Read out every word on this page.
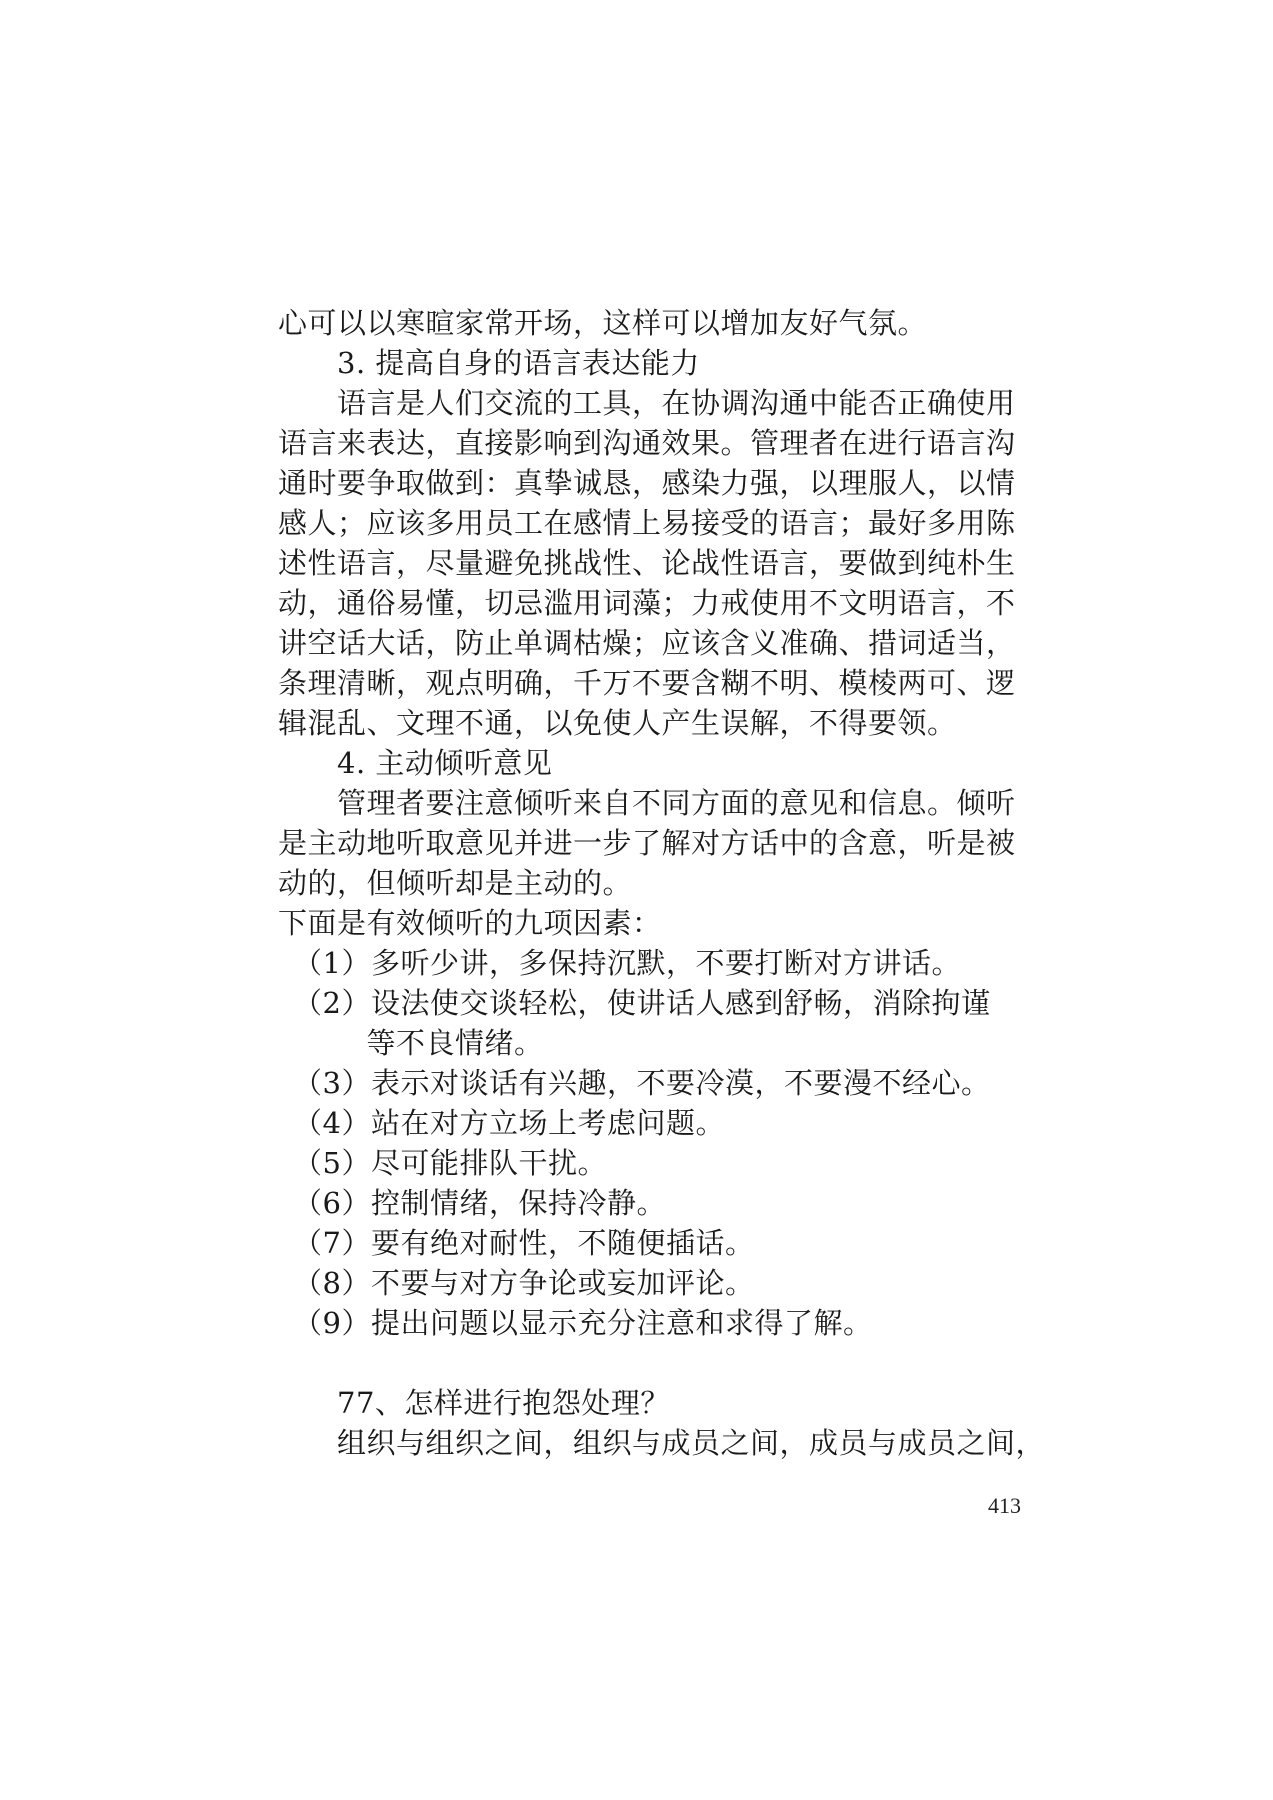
心可以以寒暄家常开场，这样可以增加友好气氛。
　　3. 提高自身的语言表达能力
　　语言是人们交流的工具，在协调沟通中能否正确使用
语言来表达，直接影响到沟通效果。管理者在进行语言沟
通时要争取做到：真挚诚恳，感染力强，以理服人，以情
感人；应该多用员工在感情上易接受的语言；最好多用陈
述性语言，尽量避免挑战性、论战性语言，要做到纯朴生
动，通俗易懂，切忌滥用词藻；力戒使用不文明语言，不
讲空话大话，防止单调枯燥；应该含义准确、措词适当，
条理清晰，观点明确，千万不要含糊不明、模棱两可、逻
辑混乱、文理不通，以免使人产生误解，不得要领。
　　4. 主动倾听意见
　　管理者要注意倾听来自不同方面的意见和信息。倾听
是主动地听取意见并进一步了解对方话中的含意，听是被
动的，但倾听却是主动的。
下面是有效倾听的九项因素：
　（1）多听少讲，多保持沉默，不要打断对方讲话。
　（2）设法使交谈轻松，使讲话人感到舒畅，消除拘谨
　　　等不良情绪。
　（3）表示对谈话有兴趣，不要冷漠，不要漫不经心。
　（4）站在对方立场上考虑问题。
　（5）尽可能排队干扰。
　（6）控制情绪，保持冷静。
　（7）要有绝对耐性，不随便插话。
　（8）不要与对方争论或妄加评论。
　（9）提出问题以显示充分注意和求得了解。
　　77、怎样进行抱怨处理？
　　组织与组织之间，组织与成员之间，成员与成员之间，
413
